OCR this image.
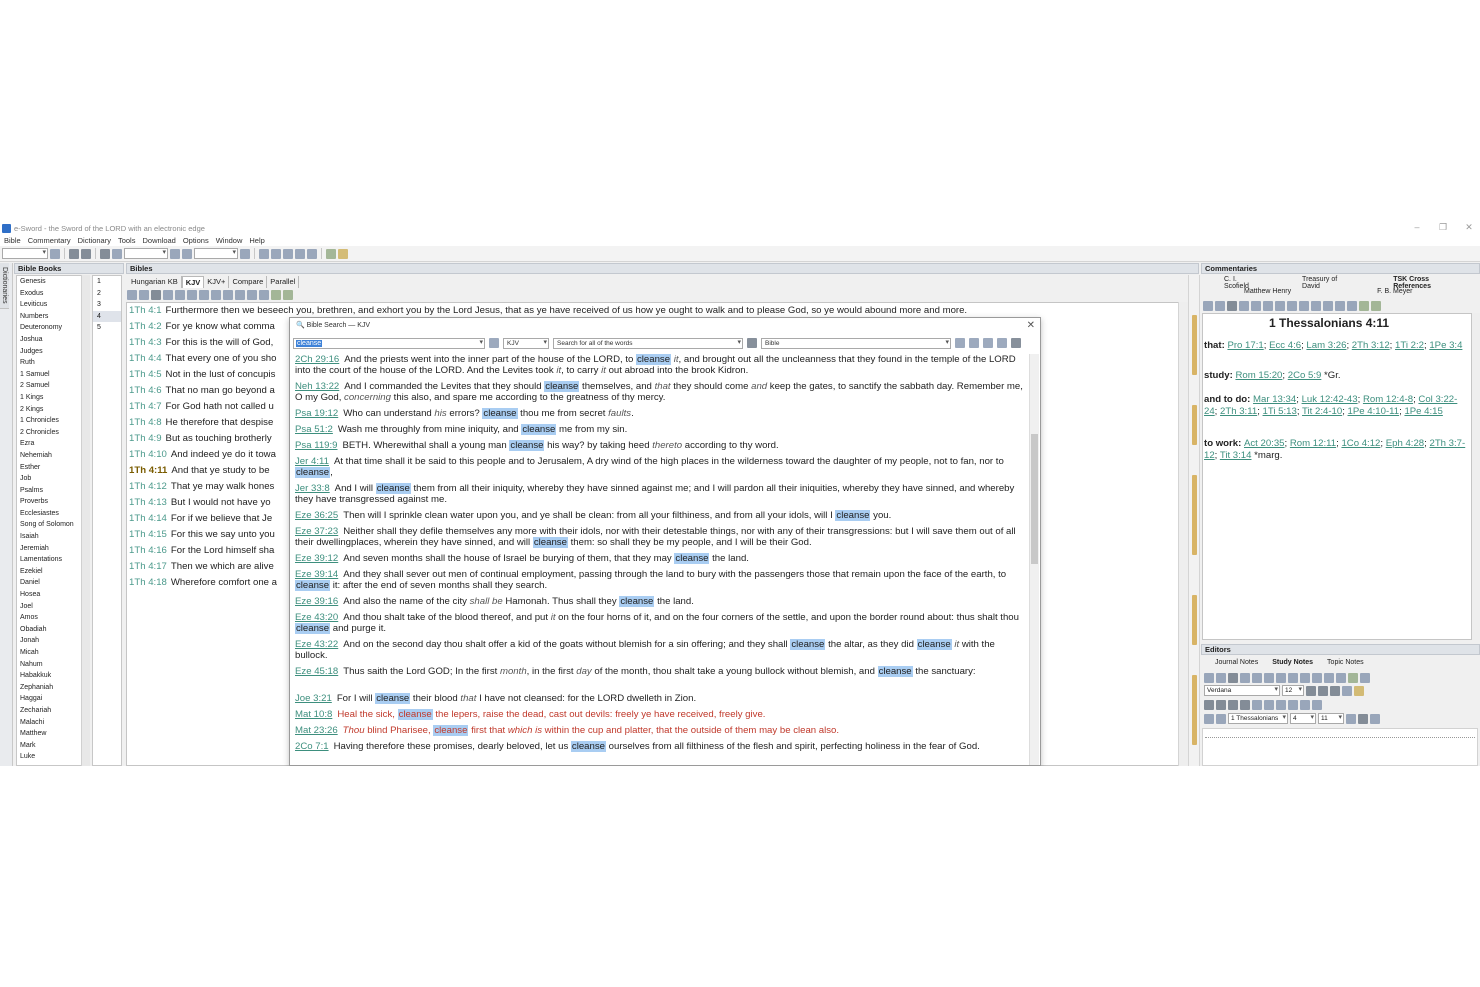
e-Sword - the Sword of the LORD with an electronic edge	–	❐	✕
Bible Commentary Dictionary Tools Download Options Window Help
▾
▾
▾
Dictionaries	Bible Books	Bibles	Commentaries
Editors
Genesis
Exodus
Leviticus
Numbers
Deuteronomy
Joshua
Judges
Ruth
1 Samuel
2 Samuel
1 Kings
2 Kings
1 Chronicles
2 Chronicles
Ezra
Nehemiah
Esther
Job
Psalms
Proverbs
Ecclesiastes
Song of Solomon
Isaiah
Jeremiah
Lamentations
Ezekiel
Daniel
Hosea
Joel
Amos
Obadiah
Jonah
Micah
Nahum
Habakkuk
Zephaniah
Haggai
Zechariah
Malachi
Matthew
Mark
Luke
1
2
3
4
5
Hungarian KB	KJV KJV+ Compare Parallel
1Th 4:1 Furthermore then we beseech you, brethren, and exhort you by the Lord Jesus, that as ye have received of us how ye ought to walk and to please God, so ye would abound more and more.
1Th 4:2 For ye know what comma
1Th 4:3 For this is the will of God,
1Th 4:4 That every one of you sho
1Th 4:5 Not in the lust of concupis
1Th 4:6 That no man go beyond a
1Th 4:7 For God hath not called u
1Th 4:8 He therefore that despise
1Th 4:9 But as touching brotherly
1Th 4:10 And indeed ye do it towa
1Th 4:11 And that ye study to be
1Th 4:12 That ye may walk hones
1Th 4:13 But I would not have yo
1Th 4:14 For if we believe that Je
1Th 4:15 For this we say unto you
1Th 4:16 For the Lord himself sha
1Th 4:17 Then we which are alive
1Th 4:18 Wherefore comfort one a
C. I. Scofield
Treasury of David
TSK Cross References
Matthew Henry	F. B. Meyer
1 Thessalonians 4:11
that: Pro 17:1; Ecc 4:6; Lam 3:26; 2Th 3:12; 1Ti 2:2; 1Pe 3:4
study: Rom 15:20; 2Co 5:9 *Gr.
and to do: Mar 13:34; Luk 12:42-43; Rom 12:4-8; Col 3:22-24; 2Th 3:11; 1Ti 5:13; Tit 2:4-10; 1Pe 4:10-11; 1Pe 4:15
to work: Act 20:35; Rom 12:11; 1Co 4:12; Eph 4:28; 2Th 3:7-12; Tit 3:14 *marg.
Journal Notes Study Notes Topic Notes
Verdana ▾	12 ▾
1 Thessalonians ▾	4 ▾	11 ▾
🔍 Bible Search — KJV	✕
cleanse ▾	KJV ▾	Search for all of the words ▾	Bible ▾
2Ch 29:16 And the priests went into the inner part of the house of the LORD, to cleanse it, and brought out all the uncleanness that they found in the temple of the LORD into the court of the house of the LORD. And the Levites took it, to carry it out abroad into the brook Kidron.
Neh 13:22 And I commanded the Levites that they should cleanse themselves, and that they should come and keep the gates, to sanctify the sabbath day. Remember me, O my God, concerning this also, and spare me according to the greatness of thy mercy.
Psa 19:12 Who can understand his errors? cleanse thou me from secret faults.
Psa 51:2 Wash me throughly from mine iniquity, and cleanse me from my sin.
Psa 119:9 BETH. Wherewithal shall a young man cleanse his way? by taking heed thereto according to thy word.
Jer 4:11 At that time shall it be said to this people and to Jerusalem, A dry wind of the high places in the wilderness toward the daughter of my people, not to fan, nor to cleanse,
Jer 33:8 And I will cleanse them from all their iniquity, whereby they have sinned against me; and I will pardon all their iniquities, whereby they have sinned, and whereby they have transgressed against me.
Eze 36:25 Then will I sprinkle clean water upon you, and ye shall be clean: from all your filthiness, and from all your idols, will I cleanse you.
Eze 37:23 Neither shall they defile themselves any more with their idols, nor with their detestable things, nor with any of their transgressions: but I will save them out of all their dwellingplaces, wherein they have sinned, and will cleanse them: so shall they be my people, and I will be their God.
Eze 39:12 And seven months shall the house of Israel be burying of them, that they may cleanse the land.
Eze 39:14 And they shall sever out men of continual employment, passing through the land to bury with the passengers those that remain upon the face of the earth, to cleanse it: after the end of seven months shall they search.
Eze 39:16 And also the name of the city shall be Hamonah. Thus shall they cleanse the land.
Eze 43:20 And thou shalt take of the blood thereof, and put it on the four horns of it, and on the four corners of the settle, and upon the border round about: thus shalt thou cleanse and purge it.
Eze 43:22 And on the second day thou shalt offer a kid of the goats without blemish for a sin offering; and they shall cleanse the altar, as they did cleanse it with the bullock.
Eze 45:18 Thus saith the Lord GOD; In the first month, in the first day of the month, thou shalt take a young bullock without blemish, and cleanse the sanctuary:
Joe 3:21 For I will cleanse their blood that I have not cleansed: for the LORD dwelleth in Zion.
Mat 10:8 Heal the sick, cleanse the lepers, raise the dead, cast out devils: freely ye have received, freely give.
Mat 23:26 Thou blind Pharisee, cleanse first that which is within the cup and platter, that the outside of them may be clean also.
2Co 7:1 Having therefore these promises, dearly beloved, let us cleanse ourselves from all filthiness of the flesh and spirit, perfecting holiness in the fear of God.
